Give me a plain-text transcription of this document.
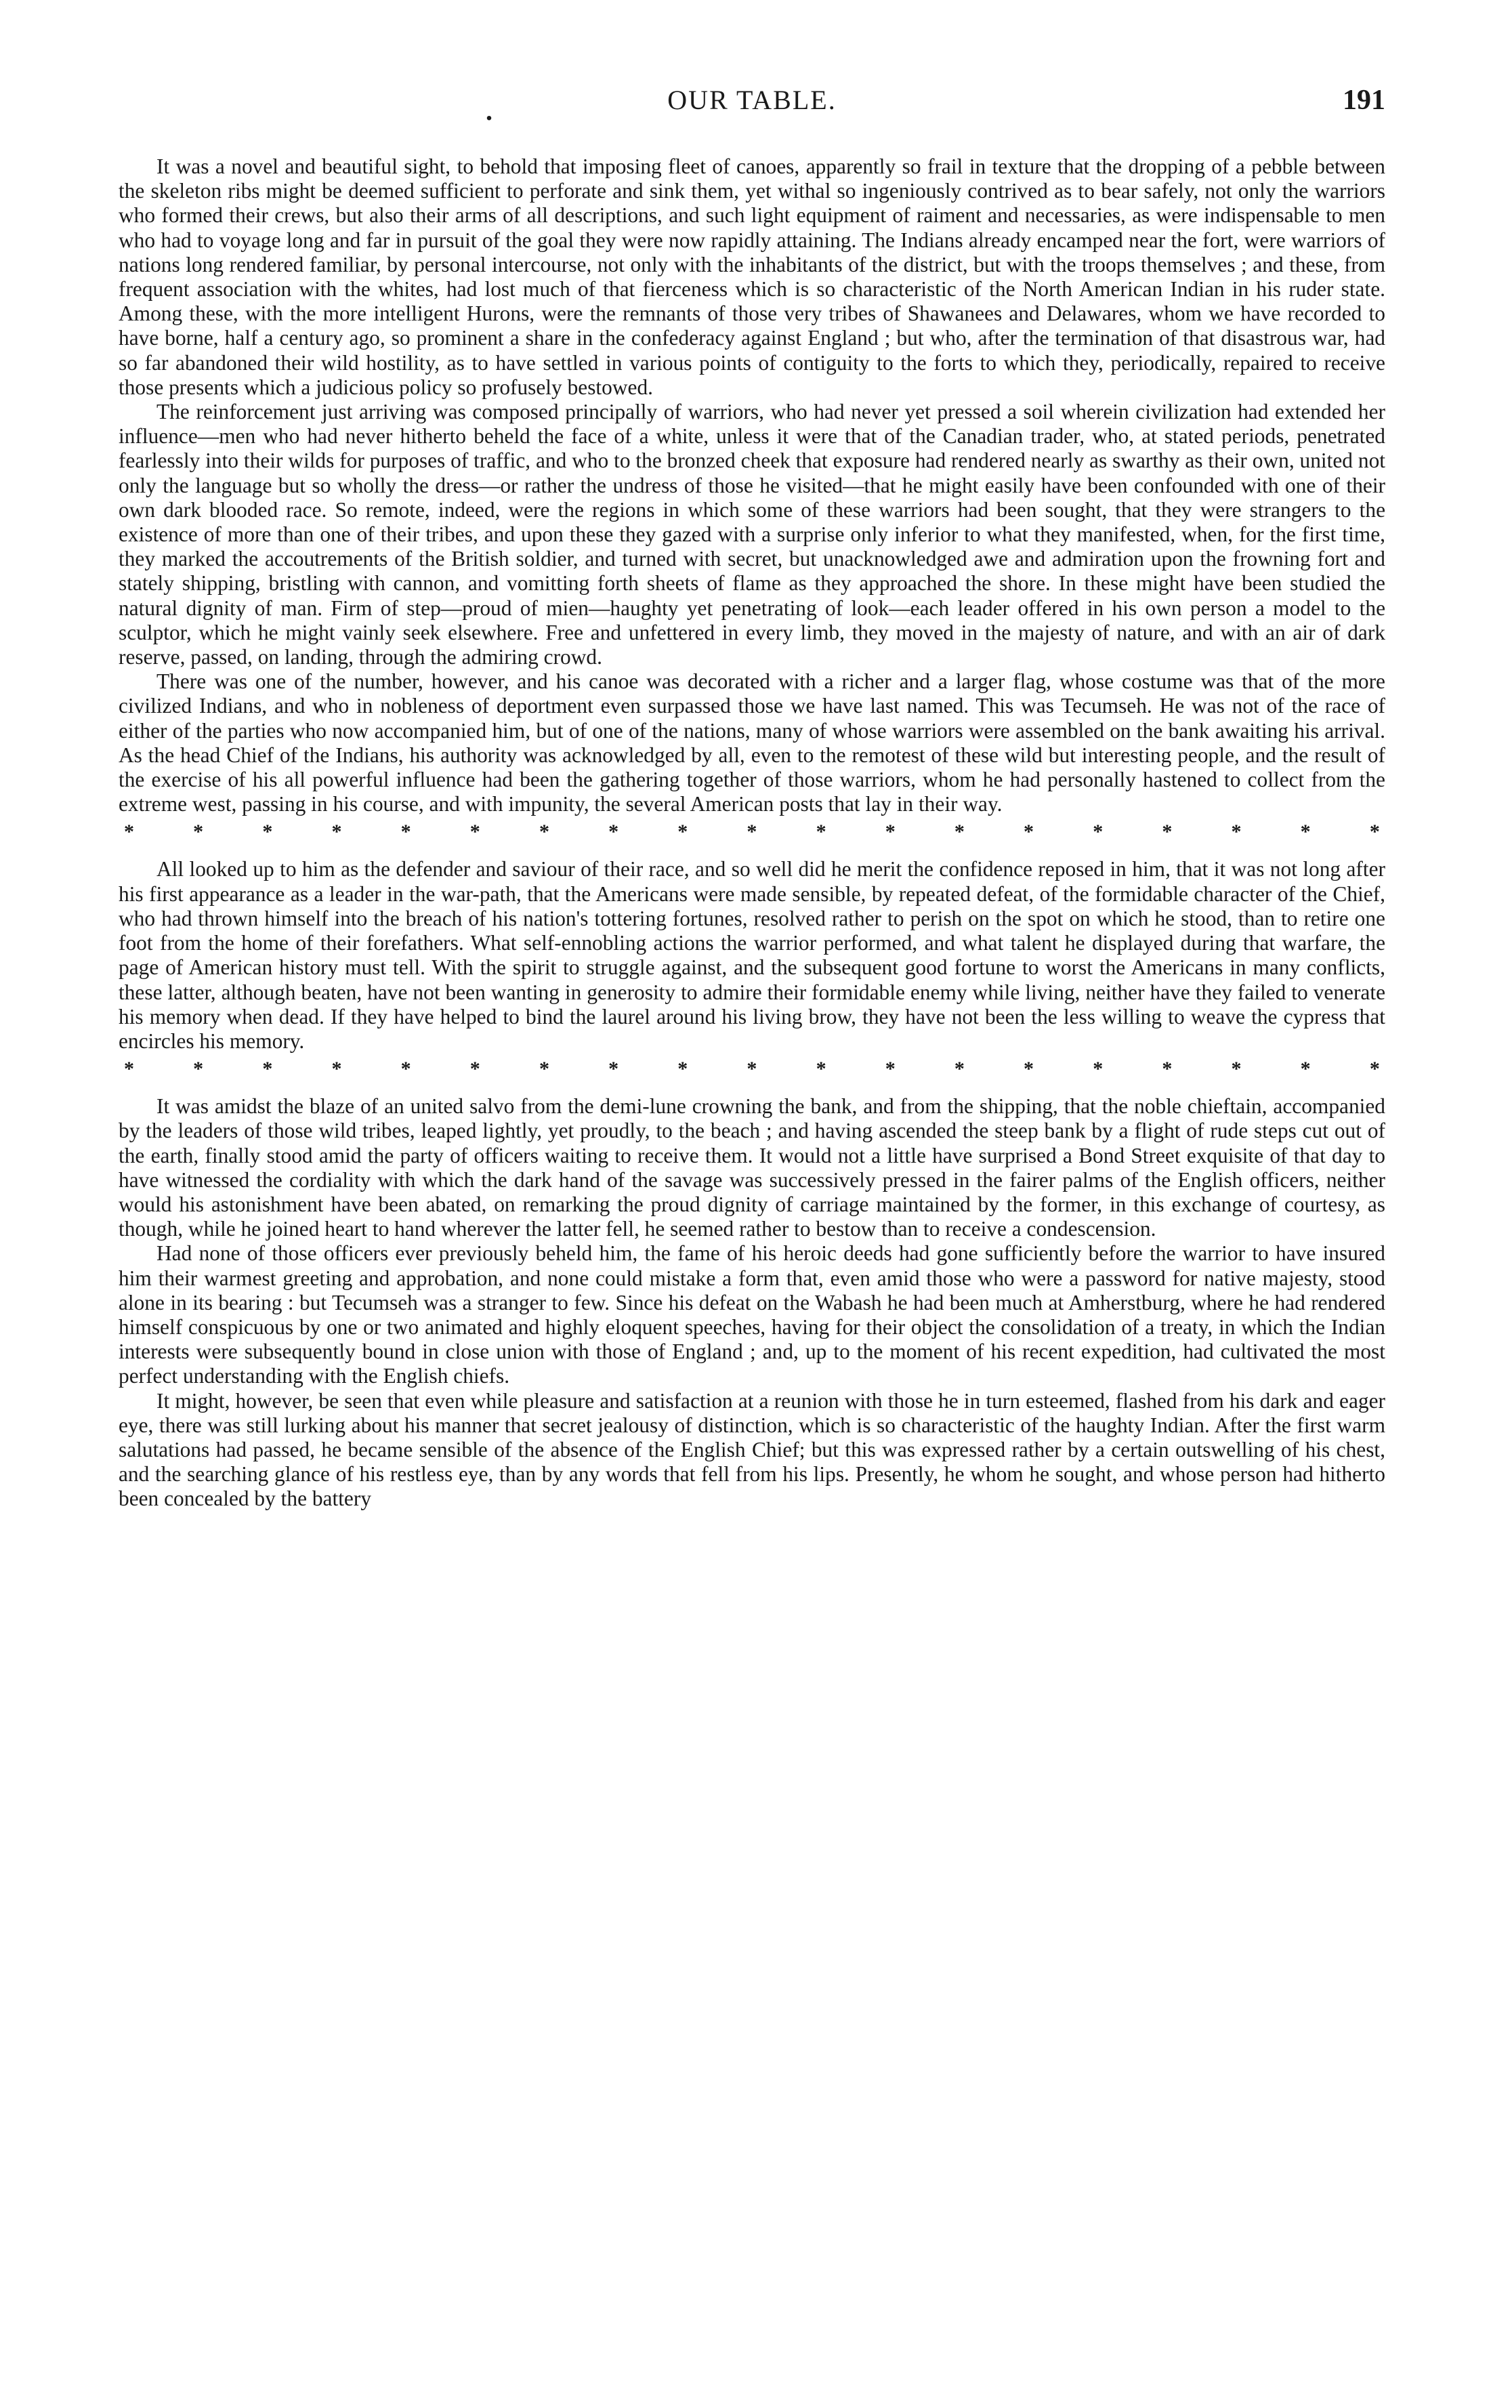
.	OUR TABLE.	191

It was a novel and beautiful sight, to behold that imposing fleet of canoes, apparently so frail in texture that the dropping of a pebble between the skeleton ribs might be deemed sufficient to perforate and sink them, yet withal so ingeniously contrived as to bear safely, not only the warriors who formed their crews, but also their arms of all descriptions, and such light equipment of raiment and necessaries, as were indispensable to men who had to voyage long and far in pursuit of the goal they were now rapidly attaining. The Indians already encamped near the fort, were warriors of nations long rendered familiar, by personal intercourse, not only with the inhabitants of the district, but with the troops themselves ; and these, from frequent association with the whites, had lost much of that fierceness which is so characteristic of the North American Indian in his ruder state. Among these, with the more intelligent Hurons, were the remnants of those very tribes of Shawanees and Delawares, whom we have recorded to have borne, half a century ago, so prominent a share in the confederacy against England ; but who, after the termination of that disastrous war, had so far abandoned their wild hostility, as to have settled in various points of contiguity to the forts to which they, periodically, repaired to receive those presents which a judicious policy so profusely bestowed.

The reinforcement just arriving was composed principally of warriors, who had never yet pressed a soil wherein civilization had extended her influence—men who had never hitherto beheld the face of a white, unless it were that of the Canadian trader, who, at stated periods, penetrated fearlessly into their wilds for purposes of traffic, and who to the bronzed cheek that exposure had rendered nearly as swarthy as their own, united not only the language but so wholly the dress—or rather the undress of those he visited—that he might easily have been confounded with one of their own dark blooded race. So remote, indeed, were the regions in which some of these warriors had been sought, that they were strangers to the existence of more than one of their tribes, and upon these they gazed with a surprise only inferior to what they manifested, when, for the first time, they marked the accoutrements of the British soldier, and turned with secret, but unacknowledged awe and admiration upon the frowning fort and stately shipping, bristling with cannon, and vomitting forth sheets of flame as they approached the shore. In these might have been studied the natural dignity of man. Firm of step—proud of mien—haughty yet penetrating of look—each leader offered in his own person a model to the sculptor, which he might vainly seek elsewhere. Free and unfettered in every limb, they moved in the majesty of nature, and with an air of dark reserve, passed, on landing, through the admiring crowd.

There was one of the number, however, and his canoe was decorated with a richer and a larger flag, whose costume was that of the more civilized Indians, and who in nobleness of deportment even surpassed those we have last named. This was Tecumseh. He was not of the race of either of the parties who now accompanied him, but of one of the nations, many of whose warriors were assembled on the bank awaiting his arrival. As the head Chief of the Indians, his authority was acknowledged by all, even to the remotest of these wild but interesting people, and the result of the exercise of his all powerful influence had been the gathering together of those warriors, whom he had personally hastened to collect from the extreme west, passing in his course, and with impunity, the several American posts that lay in their way.

*	*	*	*	*	*	*	*	*	*	*	*	*	*	*	*	*	*	*

All looked up to him as the defender and saviour of their race, and so well did he merit the confidence reposed in him, that it was not long after his first appearance as a leader in the war-path, that the Americans were made sensible, by repeated defeat, of the formidable character of the Chief, who had thrown himself into the breach of his nation's tottering fortunes, resolved rather to perish on the spot on which he stood, than to retire one foot from the home of their forefathers. What self-ennobling actions the warrior performed, and what talent he displayed during that warfare, the page of American history must tell. With the spirit to struggle against, and the subsequent good fortune to worst the Americans in many conflicts, these latter, although beaten, have not been wanting in generosity to admire their formidable enemy while living, neither have they failed to venerate his memory when dead. If they have helped to bind the laurel around his living brow, they have not been the less willing to weave the cypress that encircles his memory.

*	*	*	*	*	*	*	*	*	*	*	*	*	*	*	*	*	*	*

It was amidst the blaze of an united salvo from the demi-lune crowning the bank, and from the shipping, that the noble chieftain, accompanied by the leaders of those wild tribes, leaped lightly, yet proudly, to the beach ; and having ascended the steep bank by a flight of rude steps cut out of the earth, finally stood amid the party of officers waiting to receive them. It would not a little have surprised a Bond Street exquisite of that day to have witnessed the cordiality with which the dark hand of the savage was successively pressed in the fairer palms of the English officers, neither would his astonishment have been abated, on remarking the proud dignity of carriage maintained by the former, in this exchange of courtesy, as though, while he joined heart to hand wherever the latter fell, he seemed rather to bestow than to receive a condescension.

Had none of those officers ever previously beheld him, the fame of his heroic deeds had gone sufficiently before the warrior to have insured him their warmest greeting and approbation, and none could mistake a form that, even amid those who were a password for native majesty, stood alone in its bearing : but Tecumseh was a stranger to few. Since his defeat on the Wabash he had been much at Amherstburg, where he had rendered himself conspicuous by one or two animated and highly eloquent speeches, having for their object the consolidation of a treaty, in which the Indian interests were subsequently bound in close union with those of England ; and, up to the moment of his recent expedition, had cultivated the most perfect understanding with the English chiefs.

It might, however, be seen that even while pleasure and satisfaction at a reunion with those he in turn esteemed, flashed from his dark and eager eye, there was still lurking about his manner that secret jealousy of distinction, which is so characteristic of the haughty Indian. After the first warm salutations had passed, he became sensible of the absence of the English Chief; but this was expressed rather by a certain outswelling of his chest, and the searching glance of his restless eye, than by any words that fell from his lips. Presently, he whom he sought, and whose person had hitherto been concealed by the battery
